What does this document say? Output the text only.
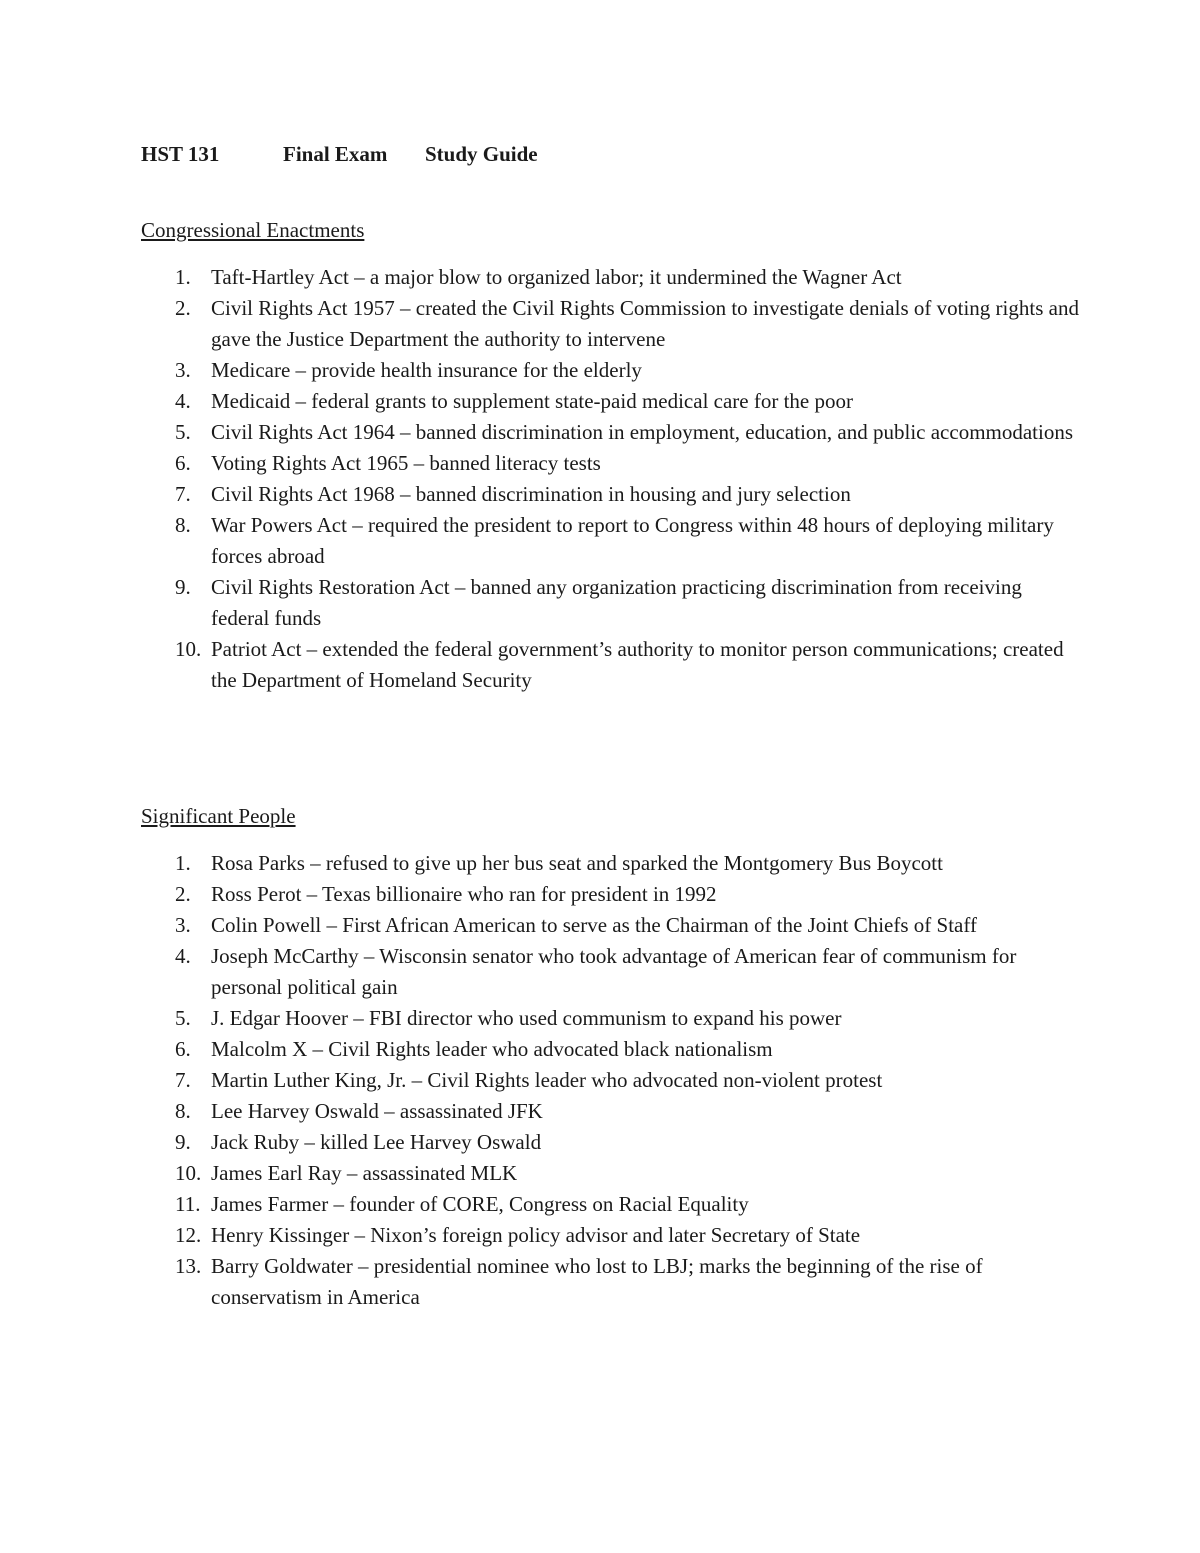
HST 131	Final Exam Study Guide
Congressional Enactments
1. Taft-Hartley Act – a major blow to organized labor; it undermined the Wagner Act
2. Civil Rights Act 1957 – created the Civil Rights Commission to investigate denials of voting rights and gave the Justice Department the authority to intervene
3. Medicare – provide health insurance for the elderly
4. Medicaid – federal grants to supplement state-paid medical care for the poor
5. Civil Rights Act 1964 – banned discrimination in employment, education, and public accommodations
6. Voting Rights Act 1965 – banned literacy tests
7. Civil Rights Act 1968 – banned discrimination in housing and jury selection
8. War Powers Act – required the president to report to Congress within 48 hours of deploying military forces abroad
9. Civil Rights Restoration Act – banned any organization practicing discrimination from receiving federal funds
10. Patriot Act – extended the federal government’s authority to monitor person communications; created the Department of Homeland Security
Significant People
1. Rosa Parks – refused to give up her bus seat and sparked the Montgomery Bus Boycott
2. Ross Perot – Texas billionaire who ran for president in 1992
3. Colin Powell – First African American to serve as the Chairman of the Joint Chiefs of Staff
4. Joseph McCarthy – Wisconsin senator who took advantage of American fear of communism for personal political gain
5. J. Edgar Hoover – FBI director who used communism to expand his power
6. Malcolm X – Civil Rights leader who advocated black nationalism
7. Martin Luther King, Jr. – Civil Rights leader who advocated non-violent protest
8. Lee Harvey Oswald – assassinated JFK
9. Jack Ruby – killed Lee Harvey Oswald
10. James Earl Ray – assassinated MLK
11. James Farmer – founder of CORE, Congress on Racial Equality
12. Henry Kissinger – Nixon’s foreign policy advisor and later Secretary of State
13. Barry Goldwater – presidential nominee who lost to LBJ; marks the beginning of the rise of conservatism in America
